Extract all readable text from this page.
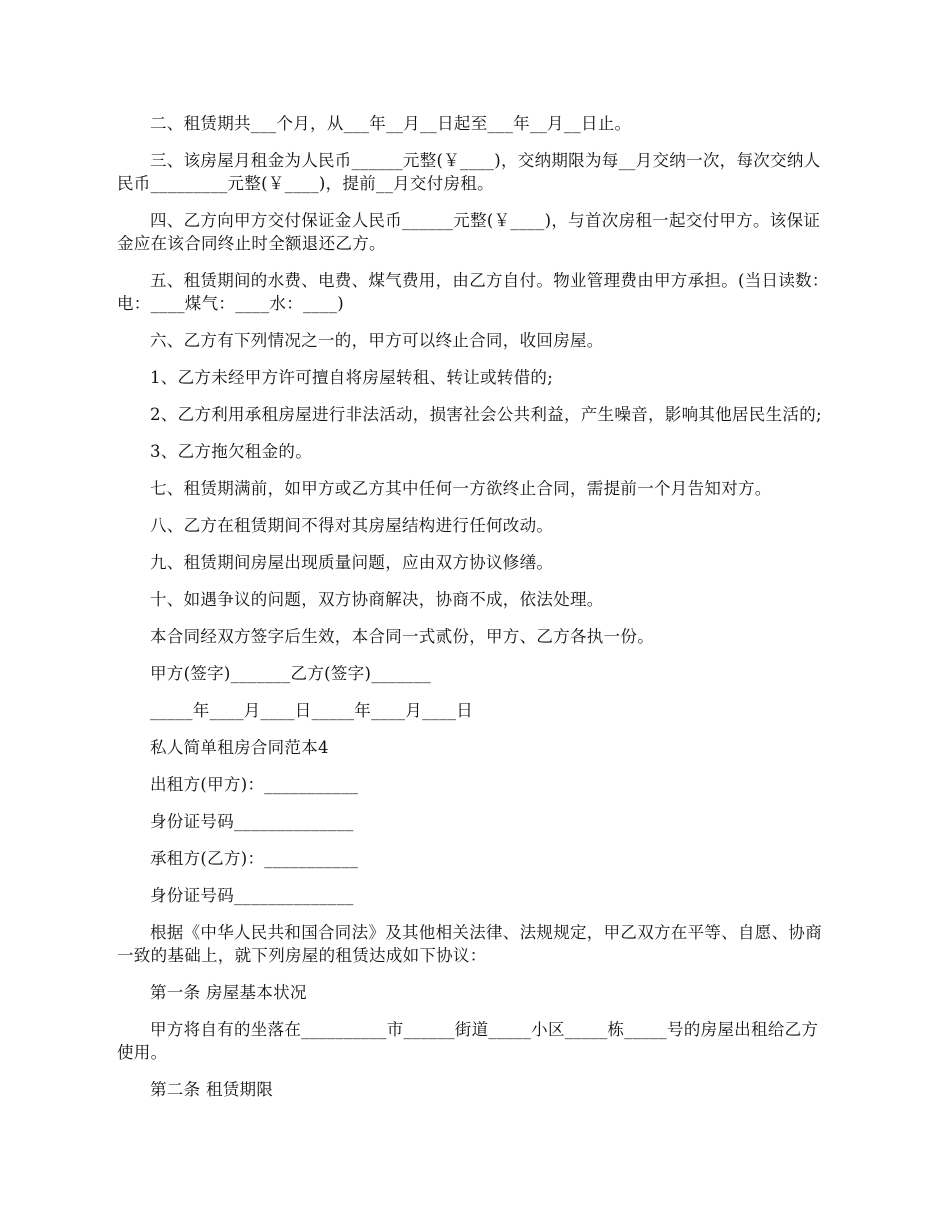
二、租赁期共___个月，从___年__月__日起至___年__月__日止。

三、该房屋月租金为人民币______元整(￥____)，交纳期限为每__月交纳一次，每次交纳人民币_________元整(￥____)，提前__月交付房租。

四、乙方向甲方交付保证金人民币______元整(￥____)，与首次房租一起交付甲方。该保证金应在该合同终止时全额退还乙方。

五、租赁期间的水费、电费、煤气费用，由乙方自付。物业管理费由甲方承担。(当日读数：电：____煤气：____水：____)

六、乙方有下列情况之一的，甲方可以终止合同，收回房屋。

1、乙方未经甲方许可擅自将房屋转租、转让或转借的;

2、乙方利用承租房屋进行非法活动，损害社会公共利益，产生噪音，影响其他居民生活的;

3、乙方拖欠租金的。

七、租赁期满前，如甲方或乙方其中任何一方欲终止合同，需提前一个月告知对方。

八、乙方在租赁期间不得对其房屋结构进行任何改动。

九、租赁期间房屋出现质量问题，应由双方协议修缮。

十、如遇争议的问题，双方协商解决，协商不成，依法处理。

本合同经双方签字后生效，本合同一式贰份，甲方、乙方各执一份。

甲方(签字)_______乙方(签字)_______

_____年____月____日_____年____月____日

私人简单租房合同范本4

出租方(甲方)：___________

身份证号码______________

承租方(乙方)：___________

身份证号码______________

根据《中华人民共和国合同法》及其他相关法律、法规规定，甲乙双方在平等、自愿、协商一致的基础上，就下列房屋的租赁达成如下协议：

第一条 房屋基本状况

甲方将自有的坐落在__________市______街道_____小区_____栋_____号的房屋出租给乙方使用。

第二条 租赁期限
